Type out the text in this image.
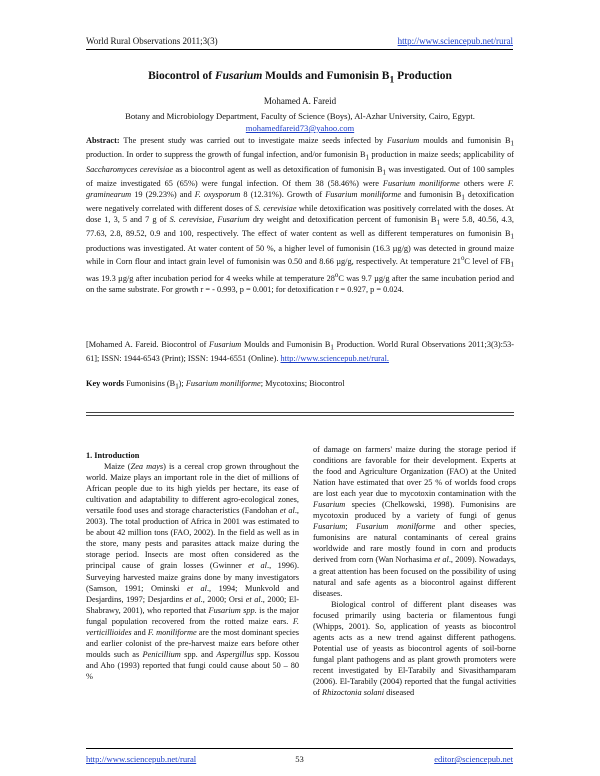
World Rural Observations 2011;3(3)	http://www.sciencepub.net/rural
Biocontrol of Fusarium Moulds and Fumonisin $B_1$ Production
Mohamed A. Fareid
Botany and Microbiology Department, Faculty of Science (Boys), Al-Azhar University, Cairo, Egypt.
mohamedfareid73@yahoo.com
Abstract: The present study was carried out to investigate maize seeds infected by Fusarium moulds and fumonisin $B_1$ production. In order to suppress the growth of fungal infection, and/or fumonisin $B_1$ production in maize seeds; applicability of Saccharomyces cerevisiae as a biocontrol agent as well as detoxification of fumonisin $B_1$ was investigated. Out of 100 samples of maize investigated 65 (65%) were fungal infection. Of them 38 (58.46%) were Fusarium moniliforme others were F. graminearum 19 (29.23%) and F. oxysporum 8 (12.31%). Growth of Fusarium moniliforme and fumonisin $B_1$ detoxification were negatively correlated with different doses of S. cerevisiae while detoxification was positively correlated with the doses. At dose 1, 3, 5 and 7 g of S. cerevisiae, Fusarium dry weight and detoxification percent of fumonisin $B_1$ were 5.8, 40.56, 4.3, 77.63, 2.8, 89.52, 0.9 and 100, respectively. The effect of water content as well as different temperatures on fumonisin $B_1$ productions was investigated. At water content of 50 %, a higher level of fumonisin (16.3 µg/g) was detected in ground maize while in Corn flour and intact grain level of fumonisin was 0.50 and 8.66 µg/g, respectively. At temperature 21$^o$C level of $FB_1$ was 19.3 µg/g after incubation period for 4 weeks while at temperature 28$^o$C was 9.7 µg/g after the same incubation period and on the same substrate. For growth r = - 0.993, p = 0.001; for detoxification r = 0.927, p = 0.024.
[Mohamed A. Fareid. Biocontrol of Fusarium Moulds and Fumonisin $B_1$ Production. World Rural Observations 2011;3(3):53-61]; ISSN: 1944-6543 (Print); ISSN: 1944-6551 (Online). http://www.sciencepub.net/rural.
Key words Fumonisins $(B_1)$; Fusarium moniliforme; Mycotoxins; Biocontrol

1. Introduction

Maize (Zea mays) is a cereal crop grown throughout the world. Maize plays an important role in the diet of millions of African people due to its high yields per hectare, its ease of cultivation and adaptability to different agro-ecological zones, versatile food uses and storage characteristics (Fandohan et al., 2003). The total production of Africa in 2001 was estimated to be about 42 million tons (FAO, 2002). In the field as well as in the store, many pests and parasites attack maize during the storage period. Insects are most often considered as the principal cause of grain losses (Gwinner et al., 1996). Surveying harvested maize grains done by many investigators (Samson, 1991; Ominski et al., 1994; Munkvold and Desjardins, 1997; Desjardins et al., 2000; Orsi et al., 2000; El-Shabrawy, 2001), who reported that Fusarium spp. is the major fungal population recovered from the rotted maize ears. F. verticillioides and F. moniliforme are the most dominant species and earlier colonist of the pre-harvest maize ears before other moulds such as Penicillium spp. and Aspergillus spp. Kossou and Aho (1993) reported that fungi could cause about 50 – 80 %

of damage on farmers' maize during the storage period if conditions are favorable for their development. Experts at the food and Agriculture Organization (FAO) at the United Nation have estimated that over 25 % of worlds food crops are lost each year due to mycotoxin contamination with the Fusarium species (Chelkowski, 1998). Fumonisins are mycotoxin produced by a variety of fungi of genus Fusarium; Fusarium monilforme and other species, fumonisins are natural contaminants of cereal grains worldwide and rare mostly found in corn and products derived from corn (Wan Norhasima et al., 2009). Nowadays, a great attention has been focused on the possibility of using natural and safe agents as a biocontrol against different diseases.

Biological control of different plant diseases was focused primarily using bacteria or filamentous fungi (Whipps, 2001). So, application of yeasts as biocontrol agents acts as a new trend against different pathogens. Potential use of yeasts as biocontrol agents of soil-borne fungal plant pathogens and as plant growth promoters were recent investigated by El-Tarabily and Sivasithamparam (2006). El-Tarabily (2004) reported that the fungal activities of Rhizoctonia solani diseased

http://www.sciencepub.net/rural	53	editor@sciencepub.net
